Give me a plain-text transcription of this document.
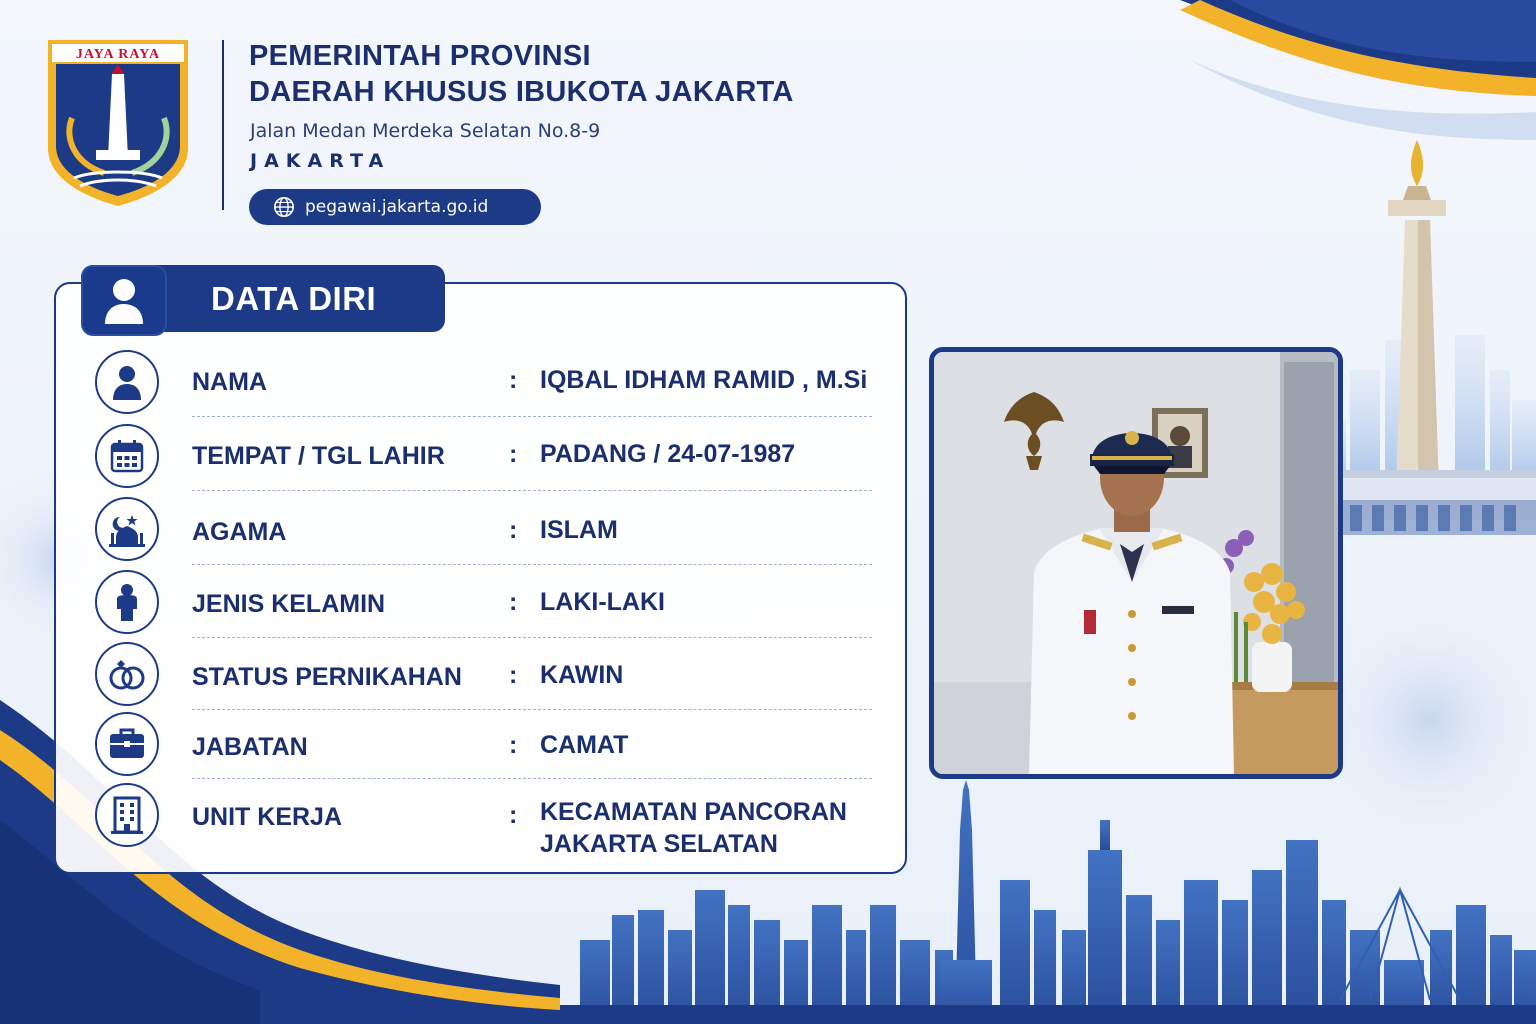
JAYA RAYA	PEMERINTAH PROVINSI
DAERAH KHUSUS IBUKOTA JAKARTA
Jalan Medan Merdeka Selatan No.8-9
JAKARTA
pegawai.jakarta.go.id
DATA DIRI
NAMA	: IQBAL IDHAM RAMID , M.Si
TEMPAT / TGL LAHIR	: PADANG / 24-07-1987
AGAMA	: ISLAM
JENIS KELAMIN	: LAKI-LAKI
STATUS PERNIKAHAN : KAWIN
JABATAN	: CAMAT
UNIT KERJA	: KECAMATAN PANCORAN
JAKARTA SELATAN
